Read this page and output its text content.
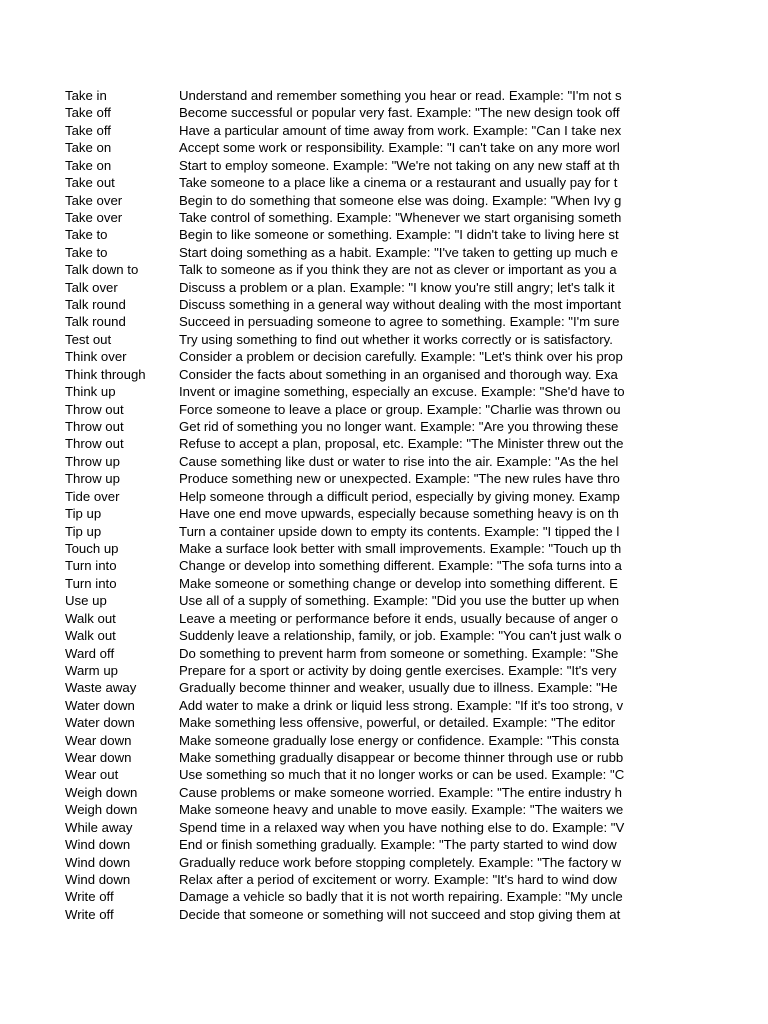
Take in	Understand and remember something you hear or read. Example: "I'm not s
Take off	Become successful or popular very fast. Example: "The new design took off
Take off	Have a particular amount of time away from work. Example: "Can I take nex
Take on	Accept some work or responsibility. Example: "I can't take on any more worl
Take on	Start to employ someone. Example: "We're not taking on any new staff at th
Take out	Take someone to a place like a cinema or a restaurant and usually pay for t
Take over	Begin to do something that someone else was doing. Example: "When Ivy g
Take over	Take control of something. Example: "Whenever we start organising someth
Take to	Begin to like someone or something. Example: "I didn't take to living here st
Take to	Start doing something as a habit. Example: "I've taken to getting up much e
Talk down to	Talk to someone as if you think they are not as clever or important as you a
Talk over	Discuss a problem or a plan. Example: "I know you're still angry; let's talk it
Talk round	Discuss something in a general way without dealing with the most important
Talk round	Succeed in persuading someone to agree to something. Example: "I'm sure
Test out	Try using something to find out whether it works correctly or is satisfactory.
Think over	Consider a problem or decision carefully. Example: "Let's think over his prop
Think through	Consider the facts about something in an organised and thorough way. Exa
Think up	Invent or imagine something, especially an excuse. Example: "She'd have to
Throw out	Force someone to leave a place or group. Example: "Charlie was thrown ou
Throw out	Get rid of something you no longer want. Example: "Are you throwing these
Throw out	Refuse to accept a plan, proposal, etc. Example: "The Minister threw out the
Throw up	Cause something like dust or water to rise into the air. Example: "As the hel
Throw up	Produce something new or unexpected. Example: "The new rules have thro
Tide over	Help someone through a difficult period, especially by giving money. Examp
Tip up	Have one end move upwards, especially because something heavy is on th
Tip up	Turn a container upside down to empty its contents. Example: "I tipped the l
Touch up	Make a surface look better with small improvements. Example: "Touch up th
Turn into	Change or develop into something different. Example: "The sofa turns into a
Turn into	Make someone or something change or develop into something different. E
Use up	Use all of a supply of something. Example: "Did you use the butter up when
Walk out	Leave a meeting or performance before it ends, usually because of anger o
Walk out	Suddenly leave a relationship, family, or job. Example: "You can't just walk o
Ward off	Do something to prevent harm from someone or something. Example: "She
Warm up	Prepare for a sport or activity by doing gentle exercises. Example: "It's very
Waste away	Gradually become thinner and weaker, usually due to illness. Example: "He
Water down	Add water to make a drink or liquid less strong. Example: "If it's too strong, v
Water down	Make something less offensive, powerful, or detailed. Example: "The editor
Wear down	Make someone gradually lose energy or confidence. Example: "This consta
Wear down	Make something gradually disappear or become thinner through use or rubb
Wear out	Use something so much that it no longer works or can be used. Example: "C
Weigh down	Cause problems or make someone worried. Example: "The entire industry h
Weigh down	Make someone heavy and unable to move easily. Example: "The waiters we
While away	Spend time in a relaxed way when you have nothing else to do. Example: "V
Wind down	End or finish something gradually. Example: "The party started to wind dow
Wind down	Gradually reduce work before stopping completely. Example: "The factory w
Wind down	Relax after a period of excitement or worry. Example: "It's hard to wind dow
Write off	Damage a vehicle so badly that it is not worth repairing. Example: "My uncle
Write off	Decide that someone or something will not succeed and stop giving them at
